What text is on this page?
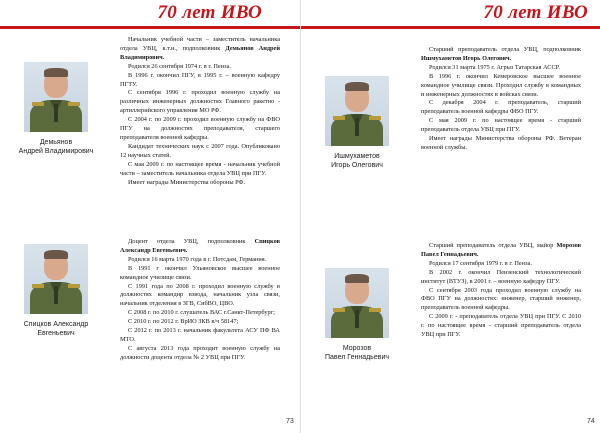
70 лет ИВО
Демьянов
Андрей Владимирович

Начальник учебной части – заместитель начальника отдела УВЦ, к.т.н., подполковник Демьянов Андрей Владимирович.

Родился 26 сентября 1974 г. в г. Пенза.

В 1996 г. окончил ПГУ, в 1995 г. – военную кафедру ПГТУ.

С сентября 1996 г. проходил военную службу на различных инженерных должностях Главного ракетно - артиллерийского управления МО РФ.

С 2004 г. по 2009 г. проходил военную службу на ФВО ПГУ на должностях преподавателя, старшего преподавателя военной кафедры.

Кандидат технических наук с 2007 года. Опубликовано 12 научных статей.

С мая 2009 г. по настоящее время - начальник учебной части – заместитель начальника отдела УВЦ при ПГУ.

Имеет награды Министерства обороны РФ.

Спицков Александр
Евгеньевич

Доцент отдела УВЦ, подполковник Спицков Александр Евгеньевич.

Родился 16 марта 1970 года в г. Потсдам, Германия.

В 1991 г окончил Ульяновское высшее военное командное училище связи.

С 1991 года по 2008 г. проходил военную службу в должностях командир взвода, начальник узла связи, начальник отделения в ЗГВ, СибВО, ЦВО.

С 2008 г. по 2010 г. слушатель ВАС г.Санкт-Петербург;

С 2010 г. по 2012 г. ВрИО ЗКВ в/ч 58147;

С 2012 г. по 2013 г. начальник факультета АСУ ПФ ВА МТО.

С августа 2013 года проходит военную службу на должности доцента отдела № 2 УВЦ при ПГУ.

73
70 лет ИВО
Ишмухаметов
Игорь Олегович

Старший преподаватель отдела УВЦ, подполковник Ишмухаметов Игорь Олегович.

Родился 31 марта 1975 г. Агрыз Татарская АССР.

В 1996 г. окончил Кемеровское высшее военное командное училище связи. Проходил службу в командных и инженерных должностях в войсках связи.

С декабря 2004 г. преподаватель, старший преподаватель военной кафедры ФВО ПГУ.

С мая 2009 г. по настоящее время - старший преподаватель отдела УВЦ при ПГУ.

Имеет награды Министерства обороны РФ. Ветеран военной службы.

Морозов
Павел Геннадьевич

Старший преподаватель отдела УВЦ, майор Морозов Павел Геннадьевич.

Родился 17 сентября 1979 г. в г. Пенза.

В 2002 г. окончил Пензенский технологический институт (ВТУЗ), в 2001 г. – военную кафедру ПГУ.

С сентября 2003 года проходил военную службу на ФВО ПГУ на должностях: инженер, старший инженер, преподаватель военной кафедры.

С 2009 г. - преподаватель отдела УВЦ при ПГУ. С 2010 г. по настоящее время - старший преподаватель отдела УВЦ при ПГУ.

74
